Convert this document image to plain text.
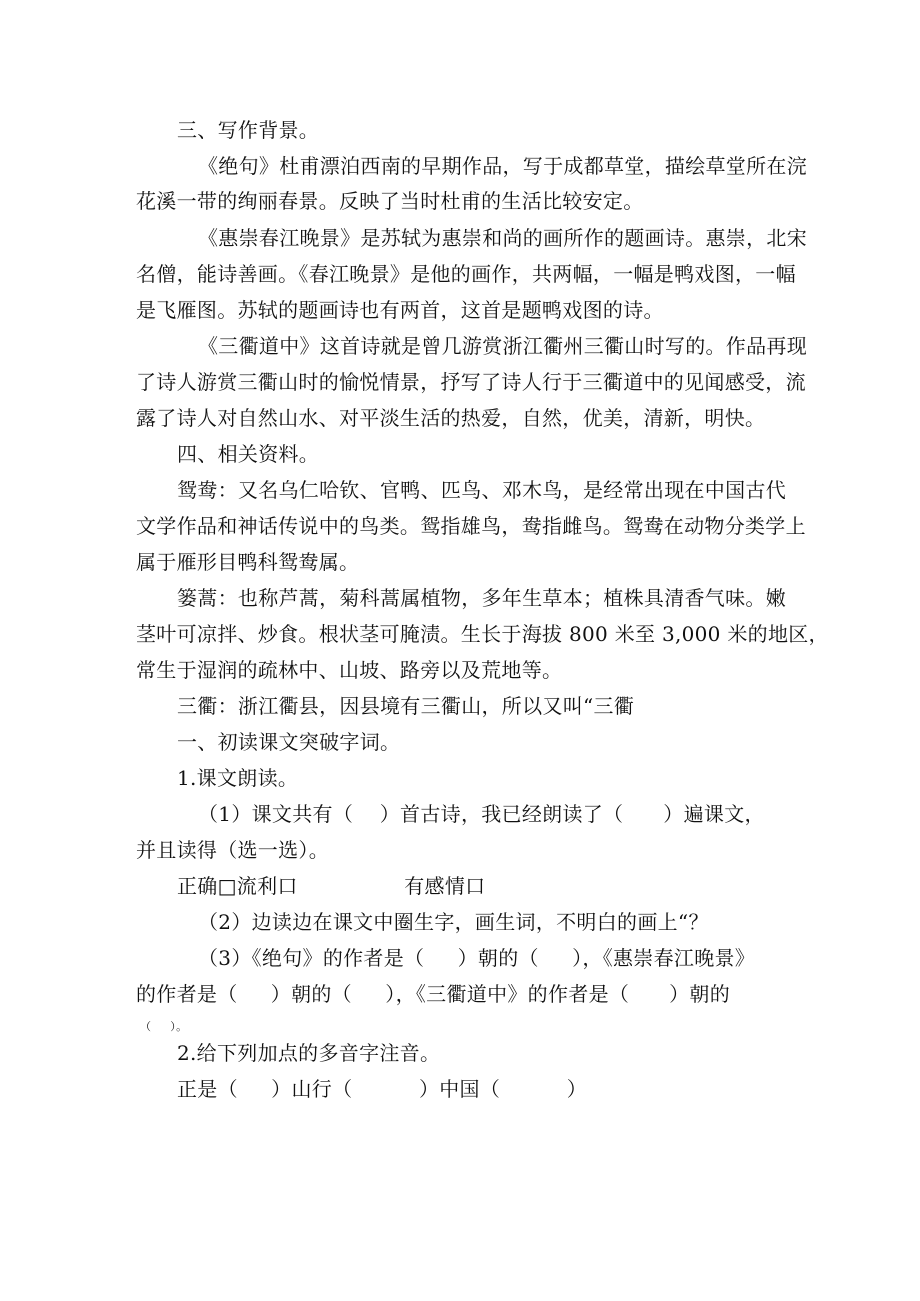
三、写作背景。
《绝句》杜甫漂泊西南的早期作品，写于成都草堂，描绘草堂所在浣
花溪一带的绚丽春景。反映了当时杜甫的生活比较安定。
《惠崇春江晚景》是苏轼为惠崇和尚的画所作的题画诗。惠崇，北宋
名僧，能诗善画。《春江晚景》是他的画作，共两幅，一幅是鸭戏图，一幅
是飞雁图。苏轼的题画诗也有两首，这首是题鸭戏图的诗。
《三衢道中》这首诗就是曾几游赏浙江衢州三衢山时写的。作品再现
了诗人游赏三衢山时的愉悦情景，抒写了诗人行于三衢道中的见闻感受，流
露了诗人对自然山水、对平淡生活的热爱，自然，优美，清新，明快。
四、相关资料。
鸳鸯：又名乌仁哈钦、官鸭、匹鸟、邓木鸟，是经常出现在中国古代
文学作品和神话传说中的鸟类。鸳指雄鸟，鸯指雌鸟。鸳鸯在动物分类学上
属于雁形目鸭科鸳鸯属。
篓蒿：也称芦蒿，菊科蒿属植物，多年生草本；植株具清香气味。嫩
茎叶可凉拌、炒食。根状茎可腌渍。生长于海拔 800 米至 3,000 米的地区，
常生于湿润的疏林中、山坡、路旁以及荒地等。
三衢：浙江衢县，因县境有三衢山，所以又叫“三衢
一、初读课文突破字词。
1.课文朗读。
（1）课文共有（    ）首古诗，我已经朗读了（      ）遍课文，
并且读得（选一选）。
正确□流利口                有感情口
（2）边读边在课文中圈生字，画生词，不明白的画上“？
（3）《绝句》的作者是（     ）朝的（     ），《惠崇春江晚景》
的作者是（     ）朝的（     ），《三衢道中》的作者是（      ）朝的
（     ）。
2.给下列加点的多音字注音。
正是（     ）山行（          ）中国（          ）
